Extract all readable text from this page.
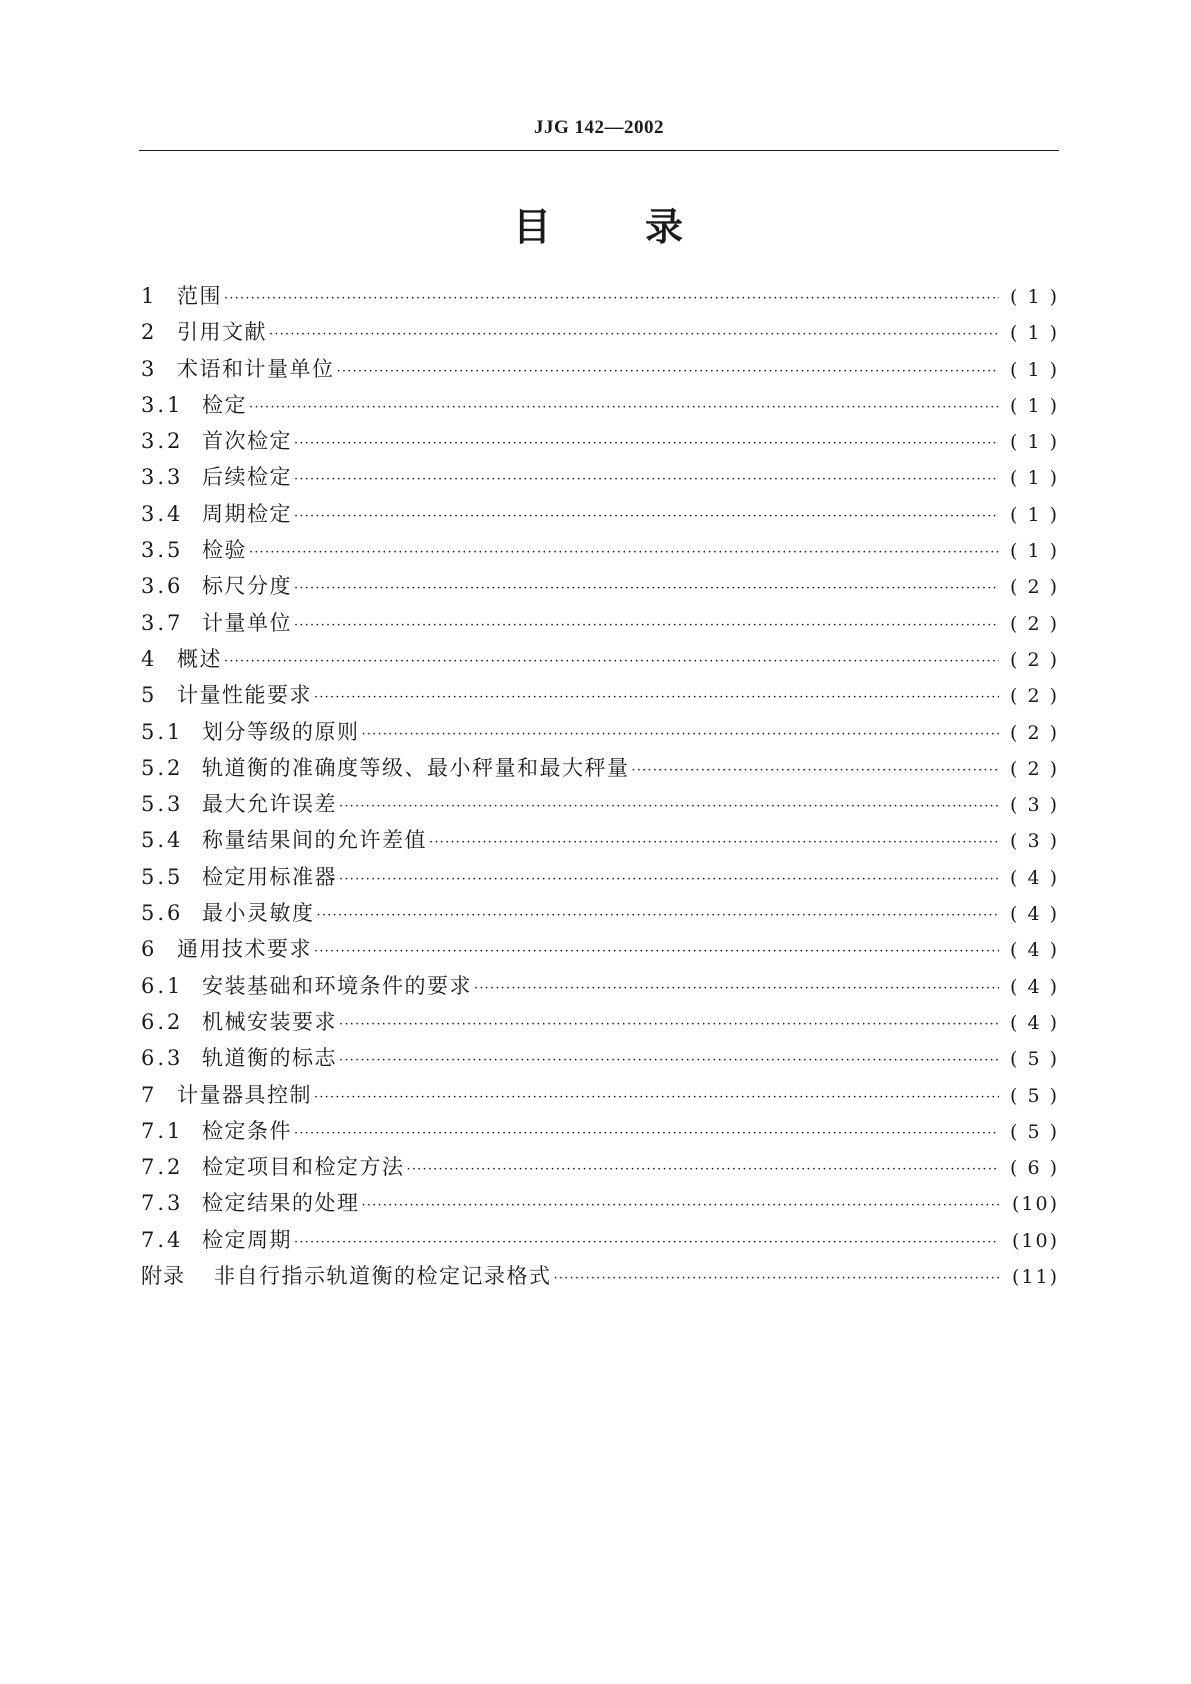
JJG 142—2002
目 录
1 范围 ·····	( 1 )
2 引用文献 ·····	( 1 )
3 术语和计量单位 ·····	( 1 )
3.1 检定 ·····	( 1 )
3.2 首次检定 ·····	( 1 )
3.3 后续检定 ·····	( 1 )
3.4 周期检定 ·····	( 1 )
3.5 检验 ·····	( 1 )
3.6 标尺分度 ·····	( 2 )
3.7 计量单位 ·····	( 2 )
4 概述 ·····	( 2 )
5 计量性能要求 ·····	( 2 )
5.1 划分等级的原则 ·····	( 2 )
5.2 轨道衡的准确度等级、最小秤量和最大秤量 ·····	( 2 )
5.3 最大允许误差 ·····	( 3 )
5.4 称量结果间的允许差值 ·····	( 3 )
5.5 检定用标准器 ·····	( 4 )
5.6 最小灵敏度 ·····	( 4 )
6 通用技术要求 ·····	( 4 )
6.1 安装基础和环境条件的要求 ·····	( 4 )
6.2 机械安装要求 ·····	( 4 )
6.3 轨道衡的标志 ·····	( 5 )
7 计量器具控制 ·····	( 5 )
7.1 检定条件 ·····	( 5 )
7.2 检定项目和检定方法 ·····	( 6 )
7.3 检定结果的处理 ·····	(10)
7.4 检定周期 ·····	(10)
附录	非自行指示轨道衡的检定记录格式 ·····	(11)
